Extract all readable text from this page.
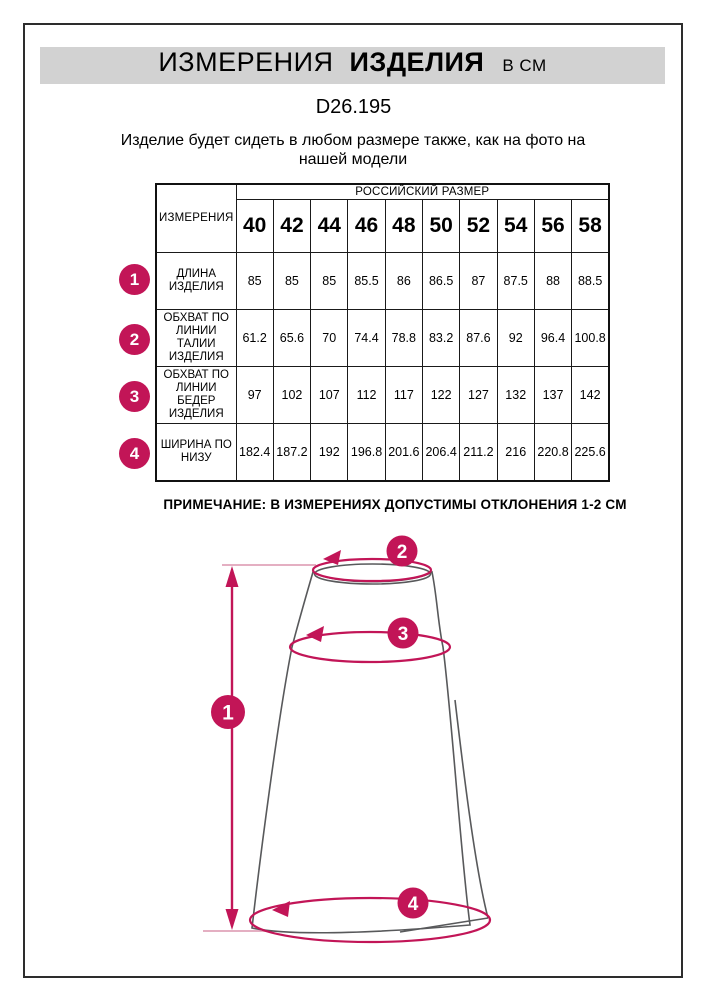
ИЗМЕРЕНИЯ ИЗДЕЛИЯ В СМ
D26.195
Изделие будет сидеть в любом размере также, как на фото на нашей модели
ИЗМЕРЕНИЯ	РОССИЙСКИЙ РАЗМЕР									
	40	42	44	46	48	50	52	54	56	58
ДЛИНА ИЗДЕЛИЯ	85	85	85	85.5	86	86.5	87	87.5	88	88.5
ОБХВАТ ПО ЛИНИИ ТАЛИИ ИЗДЕЛИЯ	61.2	65.6	70	74.4	78.8	83.2	87.6	92	96.4	100.8
ОБХВАТ ПО ЛИНИИ БЕДЕР ИЗДЕЛИЯ	97	102	107	112	117	122	127	132	137	142
ШИРИНА ПО НИЗУ	182.4	187.2	192	196.8	201.6	206.4	211.2	216	220.8	225.6
1
2
3
4
ПРИМЕЧАНИЕ: В ИЗМЕРЕНИЯХ ДОПУСТИМЫ ОТКЛОНЕНИЯ 1-2 СМ
1
2
3
4
